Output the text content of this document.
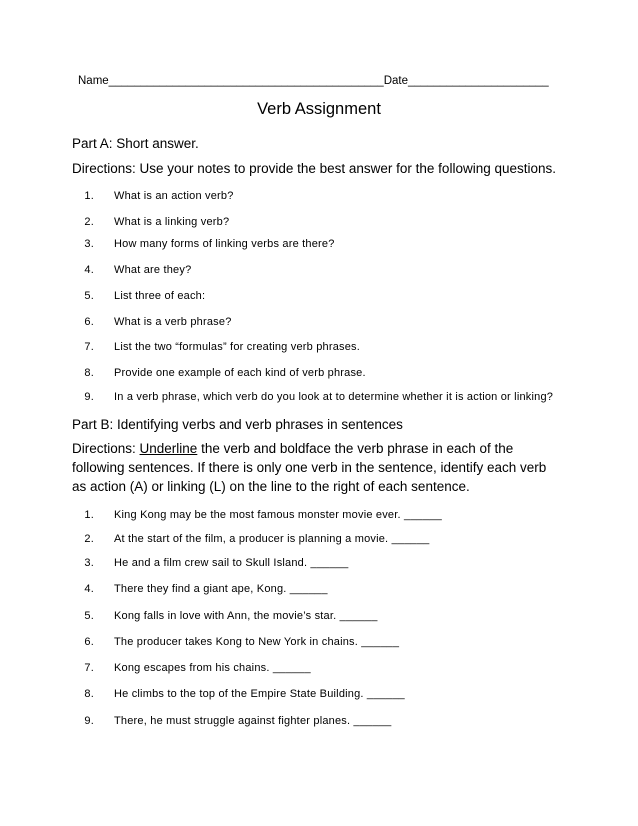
Name___________________________________________Date______________________
Verb Assignment
Part A: Short answer.
Directions: Use your notes to provide the best answer for the following questions.
1. What is an action verb?
2. What is a linking verb?
3. How many forms of linking verbs are there?
4. What are they?
5. List three of each:
6. What is a verb phrase?
7. List the two “formulas” for creating verb phrases.
8. Provide one example of each kind of verb phrase.
9. In a verb phrase, which verb do you look at to determine whether it is action or linking?
Part B: Identifying verbs and verb phrases in sentences
Directions: Underline the verb and boldface the verb phrase in each of the following sentences. If there is only one verb in the sentence, identify each verb as action (A) or linking (L) on the line to the right of each sentence.
1. King Kong may be the most famous monster movie ever. ______
2. At the start of the film, a producer is planning a movie. ______
3. He and a film crew sail to Skull Island. ______
4. There they find a giant ape, Kong. ______
5. Kong falls in love with Ann, the movie’s star. ______
6. The producer takes Kong to New York in chains. ______
7. Kong escapes from his chains. ______
8. He climbs to the top of the Empire State Building. ______
9. There, he must struggle against fighter planes. ______
